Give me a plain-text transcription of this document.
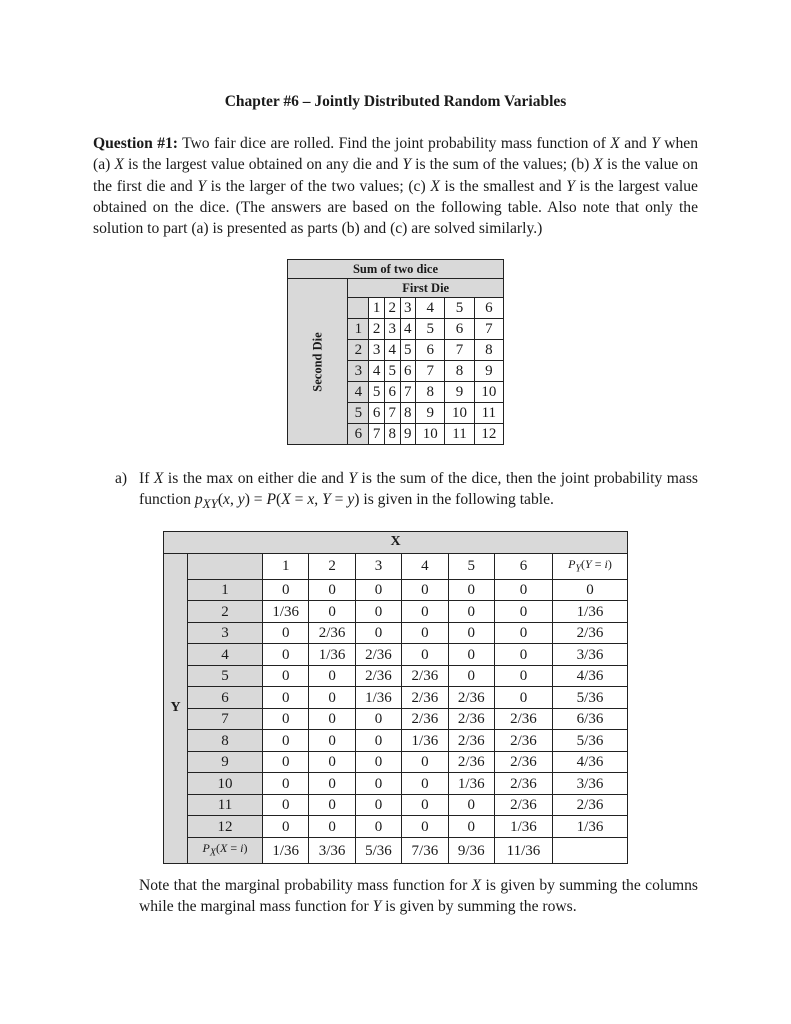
Chapter #6 – Jointly Distributed Random Variables
Question #1: Two fair dice are rolled. Find the joint probability mass function of X and Y when (a) X is the largest value obtained on any die and Y is the sum of the values; (b) X is the value on the first die and Y is the larger of the two values; (c) X is the smallest and Y is the largest value obtained on the dice. (The answers are based on the following table. Also note that only the solution to part (a) is presented as parts (b) and (c) are solved similarly.)
Sum of two dice							
Second Die	First Die						
		1	2	3	4	5	6
	1	2	3	4	5	6	7
	2	3	4	5	6	7	8
	3	4	5	6	7	8	9
	4	5	6	7	8	9	10
	5	6	7	8	9	10	11
	6	7	8	9	10	11	12
a) If X is the max on either die and Y is the sum of the dice, then the joint probability mass function $p_{XY}(x$, y) = P(X = x, Y = y) is given in the following table.
X								
Y		1	2	3	4	5	6	$P_Y(Y = i)$
	1	0	0	0	0	0	0	0
	2	1/36	0	0	0	0	0	1/36
	3	0	2/36	0	0	0	0	2/36
	4	0	1/36	2/36	0	0	0	3/36
	5	0	0	2/36	2/36	0	0	4/36
	6	0	0	1/36	2/36	2/36	0	5/36
	7	0	0	0	2/36	2/36	2/36	6/36
	8	0	0	0	1/36	2/36	2/36	5/36
	9	0	0	0	0	2/36	2/36	4/36
	10	0	0	0	0	1/36	2/36	3/36
	11	0	0	0	0	0	2/36	2/36
	12	0	0	0	0	0	1/36	1/36
	$P_X(X = i)$	1/36	3/36	5/36	7/36	9/36	11/36	
Note that the marginal probability mass function for X is given by summing the columns while the marginal mass function for Y is given by summing the rows.
